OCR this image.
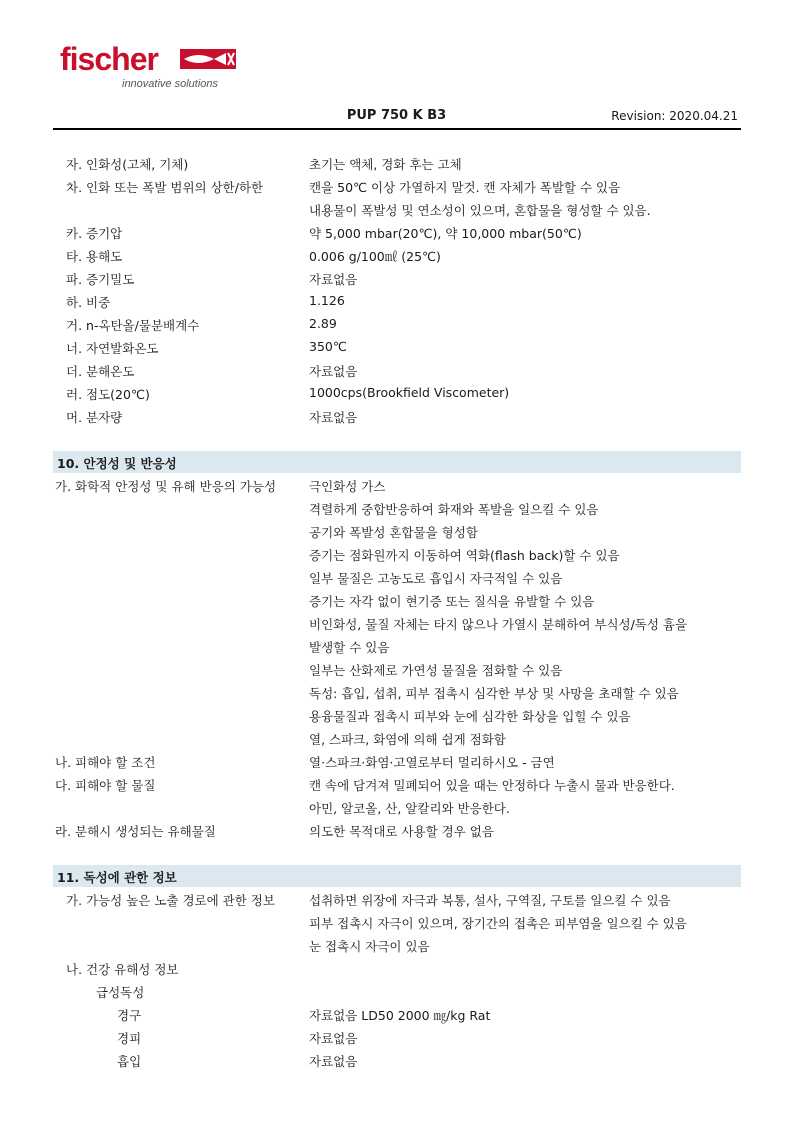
fischer
innovative solutions
PUP 750 K B3	Revision: 2020.04.21
자. 인화성(고체, 기체)	초기는 액체, 경화 후는 고체
차. 인화 또는 폭발 범위의 상한/하한	캔을 50℃ 이상 가열하지 말것. 캔 자체가 폭발할 수 있음
내용물이 폭발성 및 연소성이 있으며, 혼합물을 형성할 수 있음.
카. 증기압	약 5,000 mbar(20℃), 약 10,000 mbar(50℃)
타. 용해도	0.006 g/100㎖ (25℃)
파. 증기밀도	자료없음
하. 비중	1.126
거. n-옥탄올/물분배계수	2.89
너. 자연발화온도	350℃
더. 분해온도	자료없음
러. 점도(20℃)	1000cps(Brookfield Viscometer)
머. 분자량	자료없음
10. 안정성 및 반응성
가. 화학적 안정성 및 유해 반응의 가능성	극인화성 가스
격렬하게 중합반응하여 화재와 폭발을 일으킬 수 있음
공기와 폭발성 혼합물을 형성함
증기는 점화원까지 이동하여 역화(flash back)할 수 있음
일부 물질은 고농도로 흡입시 자극적일 수 있음
증기는 자각 없이 현기증 또는 질식을 유발할 수 있음
비인화성, 물질 자체는 타지 않으나 가열시 분해하여 부식성/독성 흄을
발생할 수 있음
일부는 산화제로 가연성 물질을 점화할 수 있음
독성: 흡입, 섭취, 피부 접촉시 심각한 부상 및 사망을 초래할 수 있음
용융물질과 접촉시 피부와 눈에 심각한 화상을 입힐 수 있음
열, 스파크, 화염에 의해 쉽게 점화함
나. 피해야 할 조건	열·스파크·화염·고열로부터 멀리하시오 - 금연
다. 피해야 할 물질	캔 속에 담겨져 밀폐되어 있을 때는 안정하다 누출시 물과 반응한다.
아민, 알코올, 산, 알칼리와 반응한다.
라. 분해시 생성되는 유해물질	의도한 목적대로 사용할 경우 없음
11. 독성에 관한 정보
가. 가능성 높은 노출 경로에 관한 정보	섭취하면 위장에 자극과 복통, 설사, 구역질, 구토를 일으킬 수 있음
피부 접촉시 자극이 있으며, 장기간의 접촉은 피부염을 일으킬 수 있음
눈 접촉시 자극이 있음
나. 건강 유해성 정보
급성독성
경구	자료없음 LD50 2000 ㎎/kg Rat
경피	자료없음
흡입	자료없음
